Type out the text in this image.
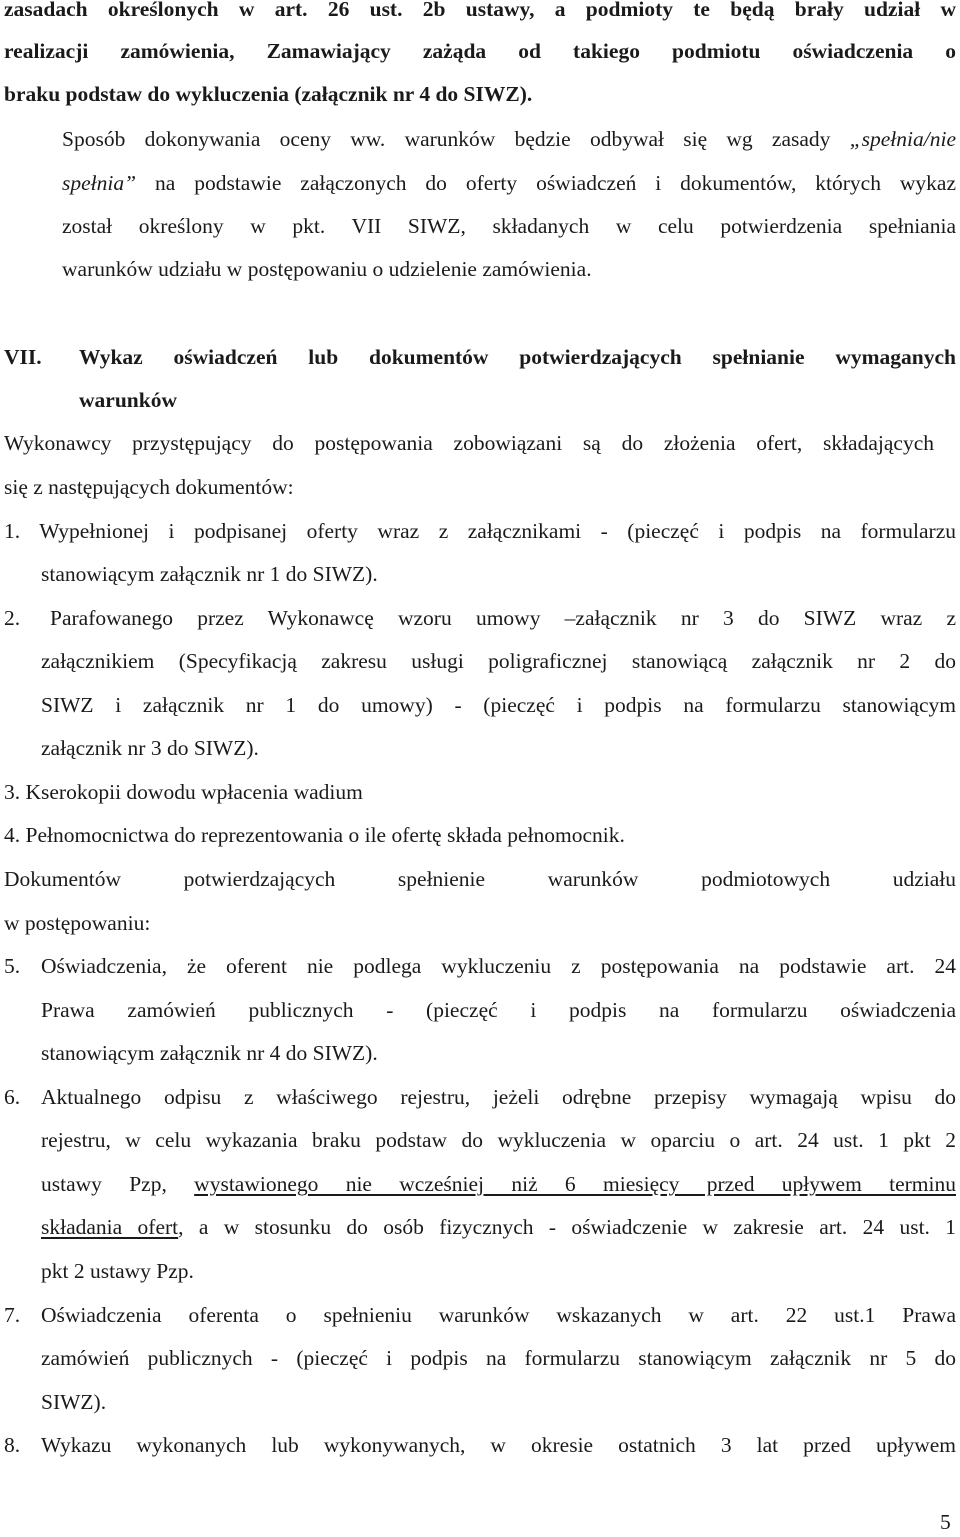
zasadach określonych w art. 26 ust. 2b ustawy, a podmioty te będą brały udział w
realizacji zamówienia, Zamawiający zażąda od takiego podmiotu oświadczenia o
braku podstaw do wykluczenia (załącznik nr 4 do SIWZ).
Sposób dokonywania oceny ww. warunków będzie odbywał się wg zasady „spełnia/nie
spełnia” na podstawie załączonych do oferty oświadczeń i dokumentów, których wykaz
został określony w pkt. VII SIWZ, składanych w celu potwierdzenia spełniania
warunków udziału w postępowaniu o udzielenie zamówienia.
VII. Wykaz oświadczeń lub dokumentów potwierdzających spełnianie wymaganych
warunków
Wykonawcy przystępujący do postępowania zobowiązani są do złożenia ofert, składających
się z następujących dokumentów:
1. Wypełnionej i podpisanej oferty wraz z załącznikami - (pieczęć i podpis na formularzu
stanowiącym załącznik nr 1 do SIWZ).
2. Parafowanego przez Wykonawcę wzoru umowy –załącznik nr 3 do SIWZ wraz z
załącznikiem (Specyfikacją zakresu usługi poligraficznej stanowiącą załącznik nr 2 do
SIWZ i załącznik nr 1 do umowy) - (pieczęć i podpis na formularzu stanowiącym
załącznik nr 3 do SIWZ).
3. Kserokopii dowodu wpłacenia wadium
4. Pełnomocnictwa do reprezentowania o ile ofertę składa pełnomocnik.
Dokumentów potwierdzających spełnienie warunków podmiotowych udziału
w postępowaniu:
5. Oświadczenia, że oferent nie podlega wykluczeniu z postępowania na podstawie art. 24
Prawa zamówień publicznych - (pieczęć i podpis na formularzu oświadczenia
stanowiącym załącznik nr 4 do SIWZ).
6. Aktualnego odpisu z właściwego rejestru, jeżeli odrębne przepisy wymagają wpisu do
rejestru, w celu wykazania braku podstaw do wykluczenia w oparciu o art. 24 ust. 1 pkt 2
ustawy Pzp, wystawionego nie wcześniej niż 6 miesięcy przed upływem terminu
składania ofert, a w stosunku do osób fizycznych - oświadczenie w zakresie art. 24 ust. 1
pkt 2 ustawy Pzp.
7. Oświadczenia oferenta o spełnieniu warunków wskazanych w art. 22 ust.1 Prawa
zamówień publicznych - (pieczęć i podpis na formularzu stanowiącym załącznik nr 5 do
SIWZ).
8. Wykazu wykonanych lub wykonywanych, w okresie ostatnich 3 lat przed upływem
5
